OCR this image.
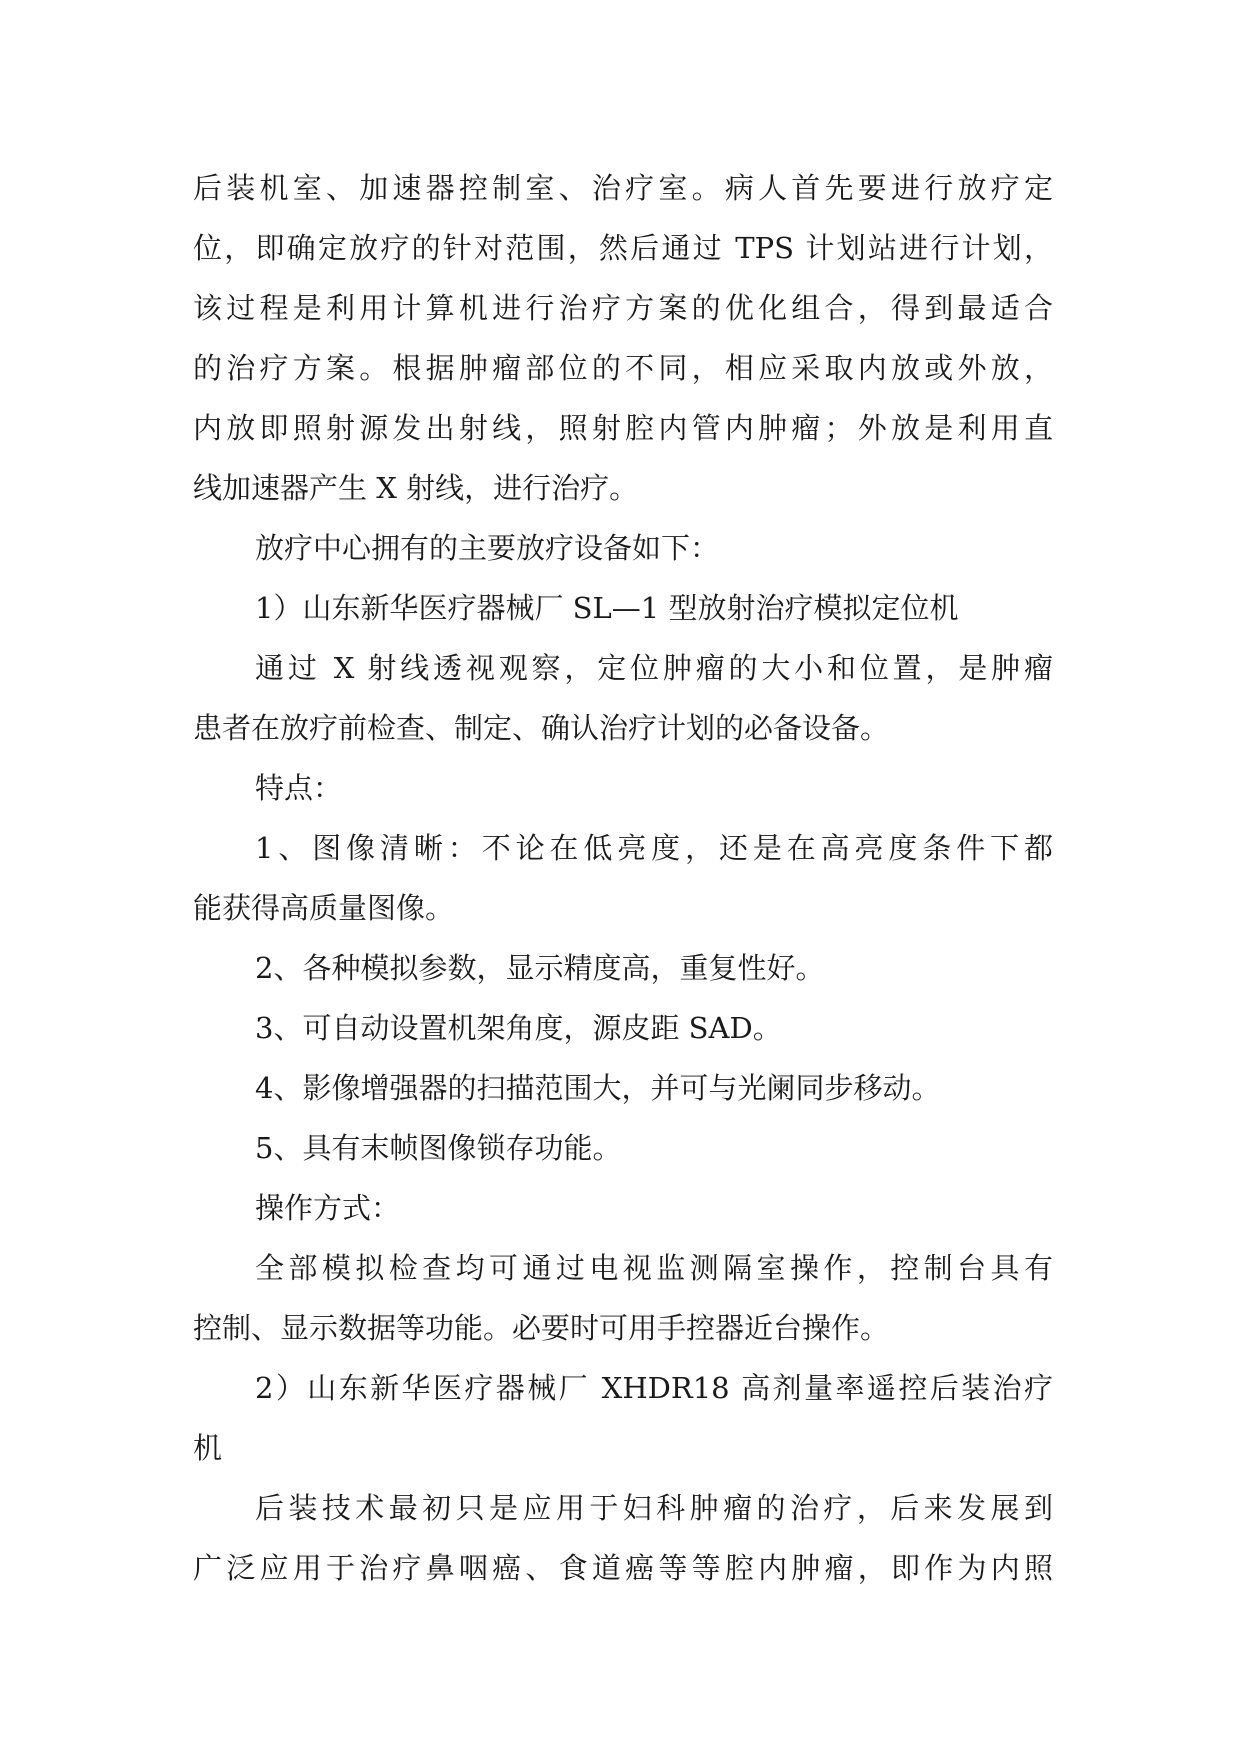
后装机室、加速器控制室、治疗室。病人首先要进行放疗定
位，即确定放疗的针对范围，然后通过 TPS 计划站进行计划，
该过程是利用计算机进行治疗方案的优化组合，得到最适合
的治疗方案。根据肿瘤部位的不同，相应采取内放或外放，
内放即照射源发出射线，照射腔内管内肿瘤；外放是利用直
线加速器产生 X 射线，进行治疗。
放疗中心拥有的主要放疗设备如下：
1）山东新华医疗器械厂 SL—1 型放射治疗模拟定位机
通过 X 射线透视观察，定位肿瘤的大小和位置，是肿瘤
患者在放疗前检查、制定、确认治疗计划的必备设备。
特点：
1、图像清晰：不论在低亮度，还是在高亮度条件下都
能获得高质量图像。
2、各种模拟参数，显示精度高，重复性好。
3、可自动设置机架角度，源皮距 SAD。
4、影像增强器的扫描范围大，并可与光阑同步移动。
5、具有末帧图像锁存功能。
操作方式：
全部模拟检查均可通过电视监测隔室操作，控制台具有
控制、显示数据等功能。必要时可用手控器近台操作。
2）山东新华医疗器械厂 XHDR18 高剂量率遥控后装治疗
机
后装技术最初只是应用于妇科肿瘤的治疗，后来发展到
广泛应用于治疗鼻咽癌、食道癌等等腔内肿瘤，即作为内照
